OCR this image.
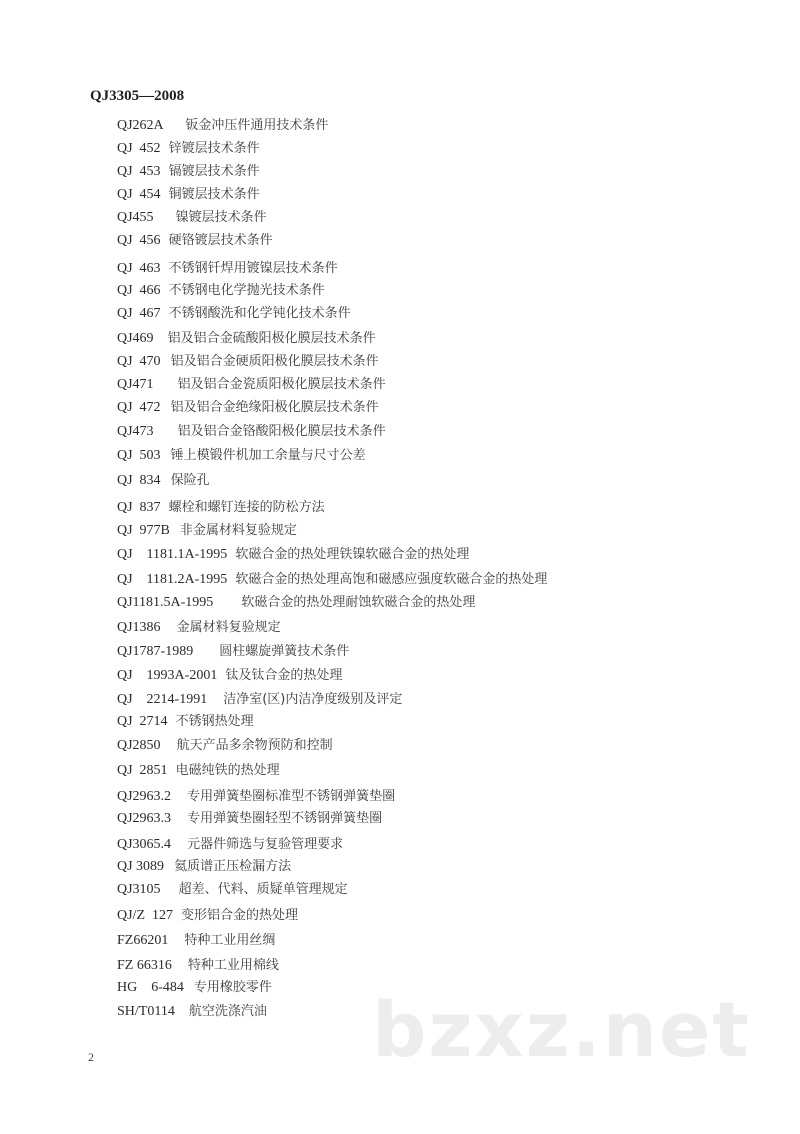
QJ3305—2008
QJ262A   钣金冲压件通用技术条件
QJ  452 锌镀层技术条件
QJ  453 镉镀层技术条件
QJ  454 铜镀层技术条件
QJ455 镍镀层技术条件
QJ  456 硬铬镀层技术条件
QJ  463 不锈钢钎焊用镀镍层技术条件
QJ  466 不锈钢电化学抛光技术条件
QJ  467 不锈钢酸洗和化学钝化技术条件
QJ469 铝及铝合金硫酸阳极化膜层技术条件
QJ  470 铝及铝合金硬质阳极化膜层技术条件
QJ471 铝及铝合金瓷质阳极化膜层技术条件
QJ  472 铝及铝合金绝缘阳极化膜层技术条件
QJ473 铝及铝合金铬酸阳极化膜层技术条件
QJ  503 锤上模锻件机加工余量与尺寸公差
QJ  834 保险孔
QJ  837 螺栓和螺钉连接的防松方法
QJ  977B 非金属材料复验规定
QJ    1181.1A-1995 软磁合金的热处理铁镍软磁合金的热处理
QJ    1181.2A-1995 软磁合金的热处理高饱和磁感应强度软磁合金的热处理
QJ1181.5A-1995 软磁合金的热处理耐蚀软磁合金的热处理
QJ1386 金属材料复验规定
QJ1787-1989 圆柱螺旋弹簧技术条件
QJ    1993A-2001 钛及钛合金的热处理
QJ    2214-1991 洁净室(区)内洁净度级别及评定
QJ  2714 不锈钢热处理
QJ2850 航天产品多余物预防和控制
QJ  2851 电磁纯铁的热处理
QJ2963.2 专用弹簧垫圈标准型不锈钢弹簧垫圈
QJ2963.3 专用弹簧垫圈轻型不锈钢弹簧垫圈
QJ3065.4 元器件筛选与复验管理要求
QJ 3089 氦质谱正压检漏方法
QJ3105 超差、代料、质疑单管理规定
QJ/Z  127 变形铝合金的热处理
FZ66201 特种工业用丝绸
FZ 66316 特种工业用棉线
HG    6-484 专用橡胶零件
SH/T0114 航空洗涤汽油 bzxz.net
2
